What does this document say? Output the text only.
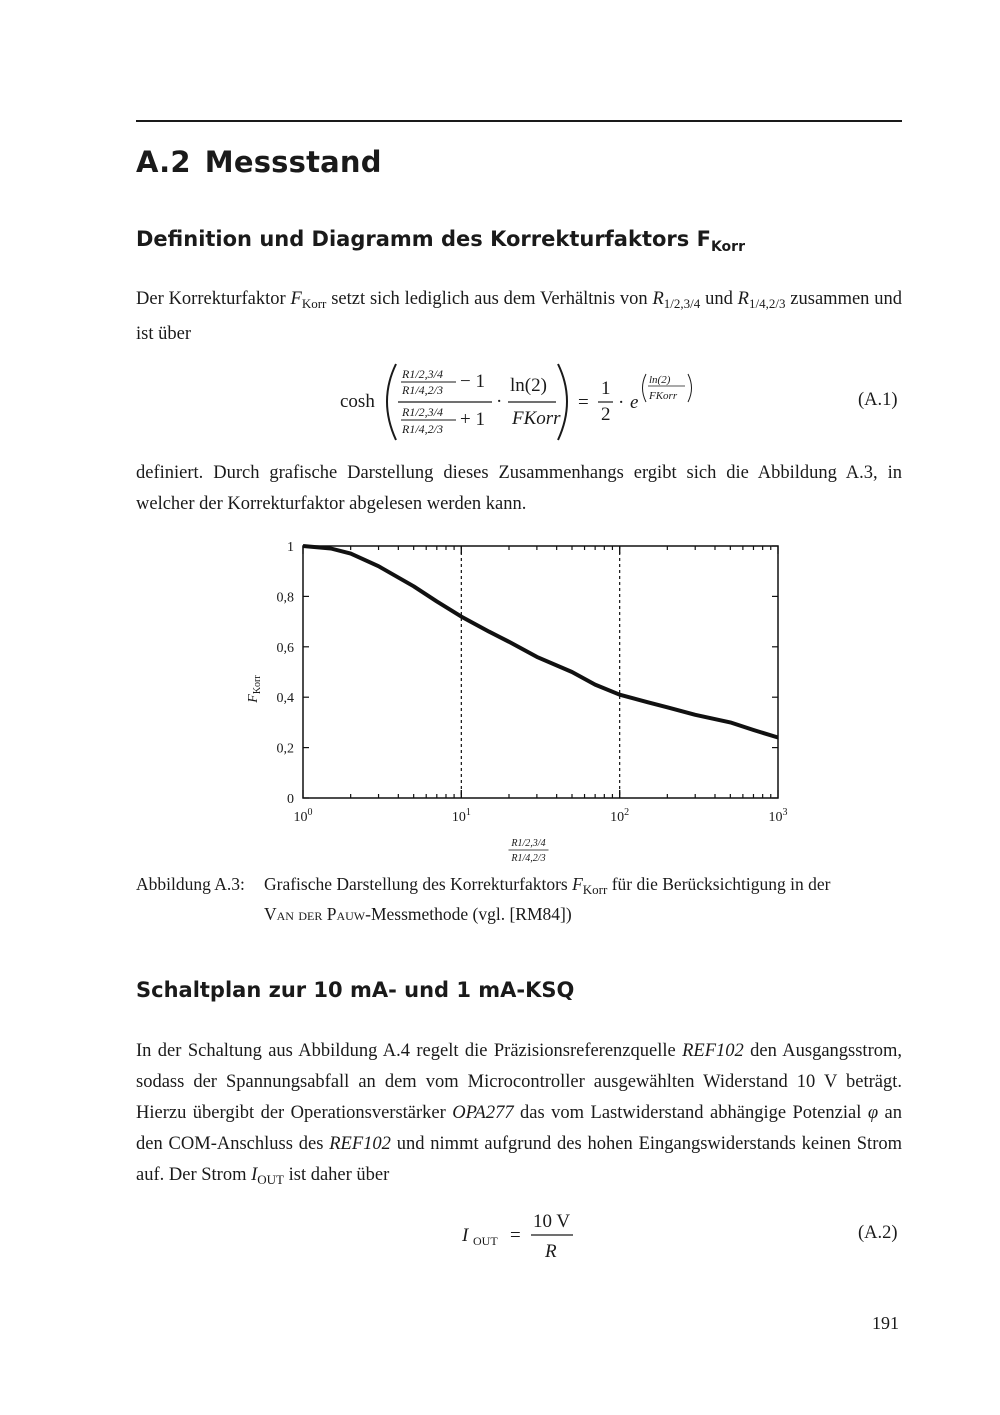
A.2 Messstand
Definition und Diagramm des Korrekturfaktors $F_{Korr}$

Der Korrekturfaktor $F_{Korr}$ setzt sich lediglich aus dem Verhältnis von $R_{1/2,3/4}$ und $R_{1/4,2/3}$ zusammen und ist über

cosh
R1/2,3/4
R1/4,2/3 − 1
R1/2,3/4
R1/4,2/3 + 1
·
ln(2)
FKorr
=
1
2
· e
ln(2)
FKorr	(A.1)

definiert. Durch grafische Darstellung dieses Zusammenhangs ergibt sich die Abbildung A.3, in welcher der Korrekturfaktor abgelesen werden kann.

0
0,2
0,4
0,6
0,8
1
$10^0$	$10^1$	$10^2$	$10^3$
$F_{Korr}$
R1/2,3/4
R1/4,2/3
Abbildung A.3: Grafische Darstellung des Korrekturfaktors $F_{Korr}$ für die Berücksichtigung in der
Van der Pauw-Messmethode (vgl. [RM84])
Schaltplan zur 10 mA- und 1 mA-KSQ

In der Schaltung aus Abbildung A.4 regelt die Präzisionsreferenzquelle REF102 den Ausgangsstrom, sodass der Spannungsabfall an dem vom Microcontroller ausgewählten Widerstand 10 V beträgt. Hierzu übergibt der Operationsverstärker OPA277 das vom Lastwiderstand abhängige Potenzial φ an den COM-Anschluss des REF102 und nimmt aufgrund des hohen Eingangswiderstands keinen Strom auf. Der Strom $I_{OUT}$ ist daher über

I OUT =
10 V
R
(A.2)
191
